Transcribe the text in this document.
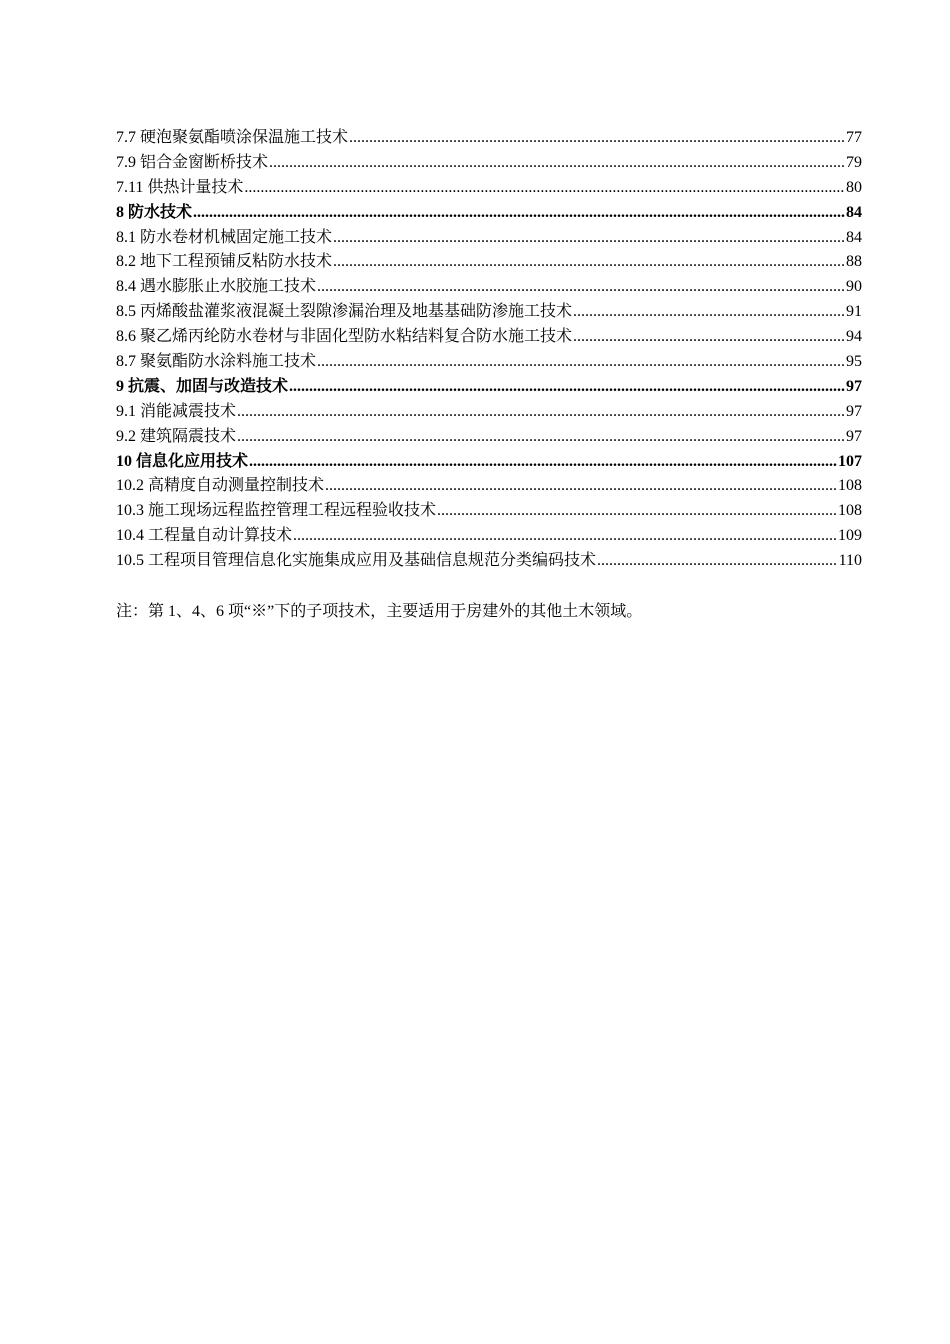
7.7 硬泡聚氨酯喷涂保温施工技术 .....	77
7.9 铝合金窗断桥技术 .....	79
7.11 供热计量技术 .....	80
8 防水技术 .....	84
8.1 防水卷材机械固定施工技术 .....	84
8.2 地下工程预铺反粘防水技术 .....	88
8.4 遇水膨胀止水胶施工技术 .....	90
8.5 丙烯酸盐灌浆液混凝土裂隙渗漏治理及地基基础防渗施工技术 .....	91
8.6 聚乙烯丙纶防水卷材与非固化型防水粘结料复合防水施工技术 .....	94
8.7 聚氨酯防水涂料施工技术 .....	95
9 抗震、加固与改造技术 .....	97
9.1 消能减震技术 .....	97
9.2 建筑隔震技术 .....	97
10 信息化应用技术 .....	107
10.2 高精度自动测量控制技术 .....	108
10.3 施工现场远程监控管理工程远程验收技术 .....	108
10.4 工程量自动计算技术 .....	109
10.5 工程项目管理信息化实施集成应用及基础信息规范分类编码技术 .....	110
注：第 1、4、6 项“※”下的子项技术，主要适用于房建外的其他土木领域。
